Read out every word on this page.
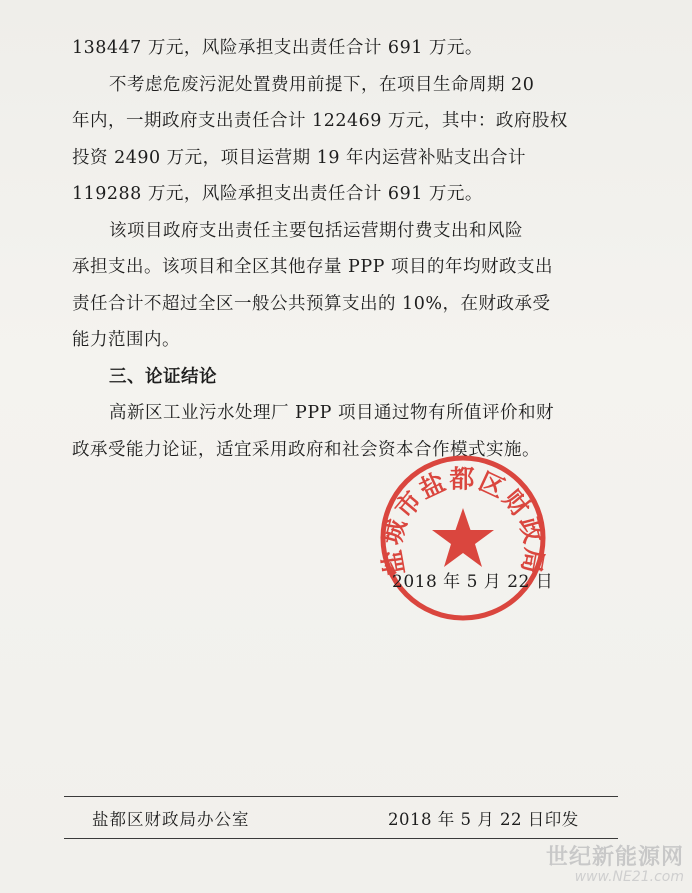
138447 万元，风险承担支出责任合计 691 万元。
不考虑危废污泥处置费用前提下，在项目生命周期 20
年内，一期政府支出责任合计 122469 万元，其中：政府股权
投资 2490 万元，项目运营期 19 年内运营补贴支出合计
119288 万元，风险承担支出责任合计 691 万元。
该项目政府支出责任主要包括运营期付费支出和风险
承担支出。该项目和全区其他存量 PPP 项目的年均财政支出
责任合计不超过全区一般公共预算支出的 10%，在财政承受
能力范围内。
三、论证结论
高新区工业污水处理厂 PPP 项目通过物有所值评价和财
政承受能力论证，适宜采用政府和社会资本合作模式实施。
盐城市盐都区财政局
2018 年 5 月 22 日
盐都区财政局办公室	2018 年 5 月 22 日印发
世纪新能源网
www.NE21.com
